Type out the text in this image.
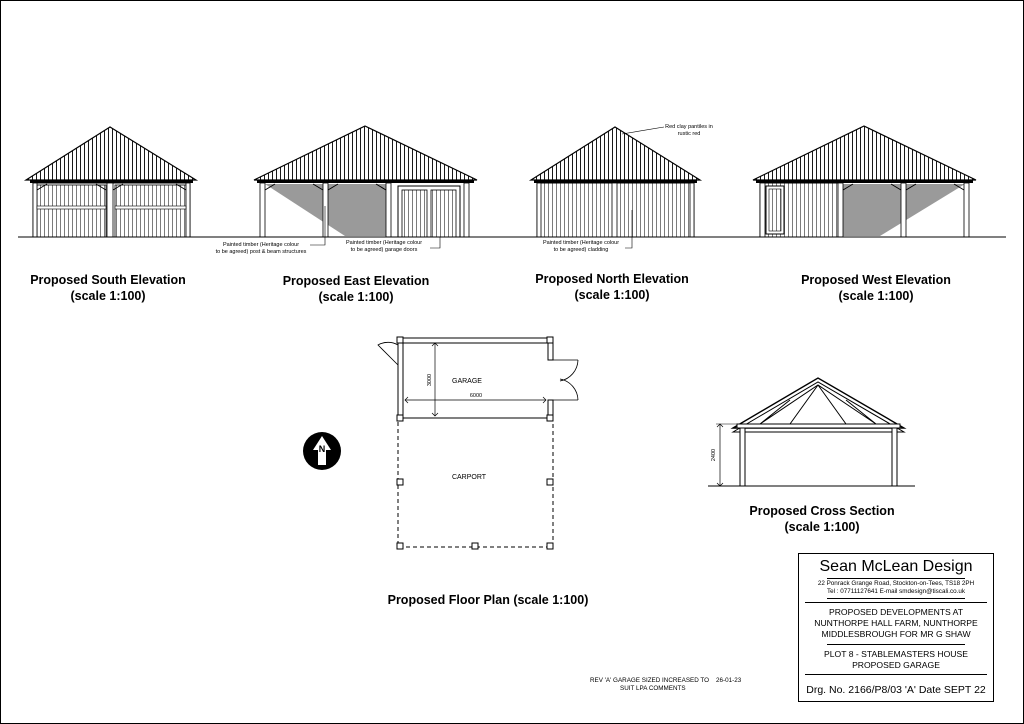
GARAGE
CARPORT
3000
6000
N	2400
Proposed South Elevation
(scale 1:100)
Proposed East Elevation
(scale 1:100)
Proposed North Elevation
(scale 1:100)
Proposed West Elevation
(scale 1:100)
Painted timber (Heritage colour
to be agreed) post & beam structures
Painted timber (Heritage colour
to be agreed) garage doors
Painted timber (Heritage colour
to be agreed) cladding
Red clay pantiles in
rustic red
Proposed Floor Plan (scale 1:100)
Proposed Cross Section
(scale 1:100)
REV 'A' GARAGE SIZED INCREASED TO 26-01-23
SUIT LPA COMMENTS
Sean McLean Design
22 Ponrack Grange Road, Stockton-on-Tees, TS18 2PH
Tel : 07711127641 E-mail smdesign@tiscali.co.uk
PROPOSED DEVELOPMENTS AT
NUNTHORPE HALL FARM, NUNTHORPE
MIDDLESBROUGH FOR MR G SHAW
PLOT 8 - STABLEMASTERS HOUSE
PROPOSED GARAGE
Drg. No. 2166/P8/03 'A' Date SEPT 22
